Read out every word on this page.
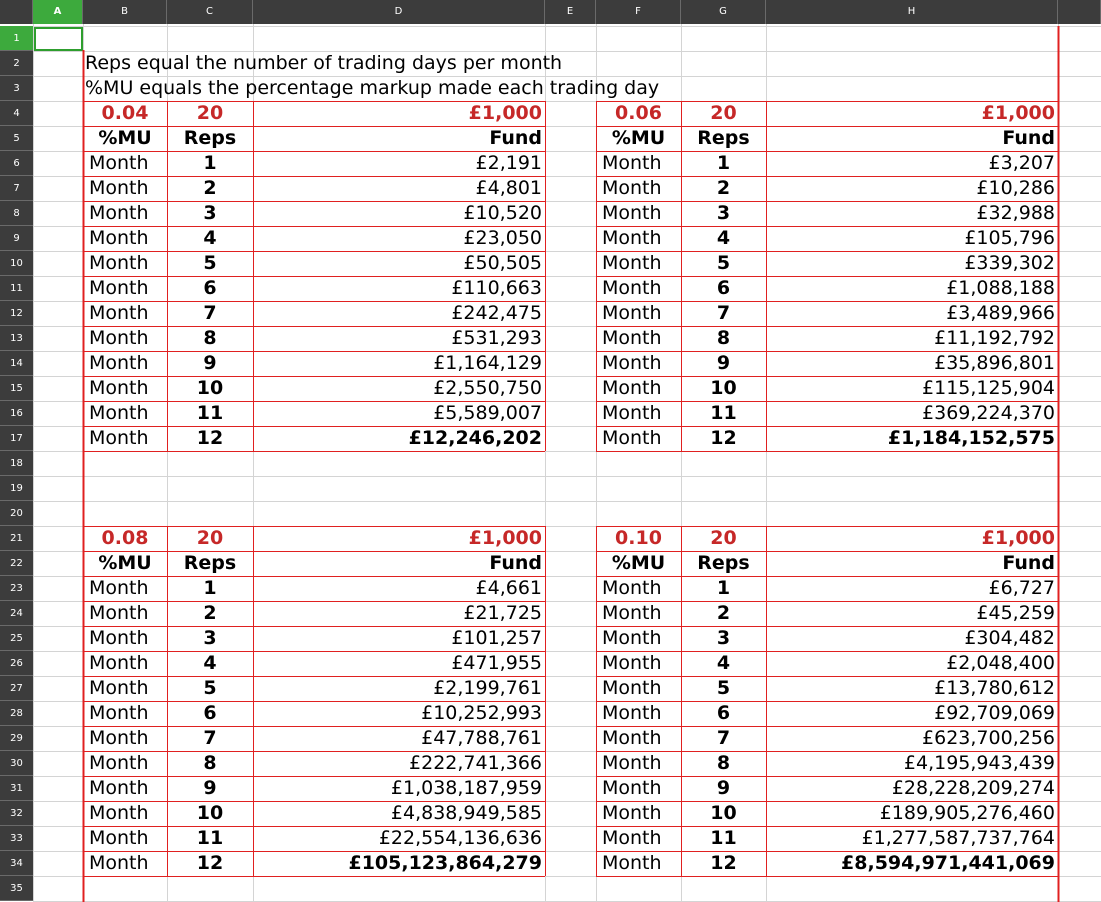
A	B	C	D	E	F	G	H
1
2
3
4
5
6
7
8
9
10
11
12
13
14
15
16
17
18
19
20
21
22
23
24
25
26
27
28
29
30
31
32
33
34
35
Reps equal the number of trading days per month
%MU equals the percentage markup made each trading day
0.04	20	£1,000
%MU	Reps	Fund
Month	1	£2,191
Month	2	£4,801
Month	3	£10,520
Month	4	£23,050
Month	5	£50,505
Month	6	£110,663
Month	7	£242,475
Month	8	£531,293
Month	9	£1,164,129
Month	10	£2,550,750
Month	11	£5,589,007
Month	12	£12,246,202
0.06	20	£1,000
%MU	Reps	Fund
Month	1	£3,207
Month	2	£10,286
Month	3	£32,988
Month	4	£105,796
Month	5	£339,302
Month	6	£1,088,188
Month	7	£3,489,966
Month	8	£11,192,792
Month	9	£35,896,801
Month	10	£115,125,904
Month	11	£369,224,370
Month	12	£1,184,152,575
0.08	20	£1,000
%MU	Reps	Fund
Month	1	£4,661
Month	2	£21,725
Month	3	£101,257
Month	4	£471,955
Month	5	£2,199,761
Month	6	£10,252,993
Month	7	£47,788,761
Month	8	£222,741,366
Month	9	£1,038,187,959
Month	10	£4,838,949,585
Month	11	£22,554,136,636
Month	12	£105,123,864,279
0.10	20	£1,000
%MU	Reps	Fund
Month	1	£6,727
Month	2	£45,259
Month	3	£304,482
Month	4	£2,048,400
Month	5	£13,780,612
Month	6	£92,709,069
Month	7	£623,700,256
Month	8	£4,195,943,439
Month	9	£28,228,209,274
Month	10	£189,905,276,460
Month	11	£1,277,587,737,764
Month	12	£8,594,971,441,069
